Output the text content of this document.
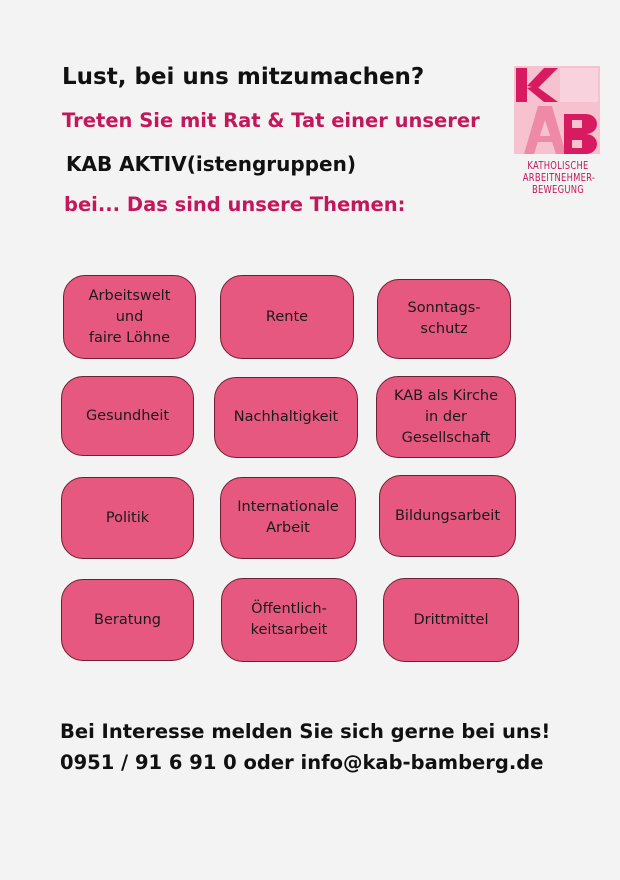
Lust, bei uns mitzumachen?

Treten Sie mit Rat & Tat einer unserer

KAB AKTIV(istengruppen)

bei... Das sind unsere Themen:

KATHOLISCHE
ARBEITNEHMER-
BEWEGUNG
Arbeitswelt
und
faire Löhne
Rente
Sonntags-
schutz
Gesundheit	Nachhaltigkeit
KAB als Kirche
in der
Gesellschaft
Politik
Internationale
Arbeit
Bildungsarbeit
Beratung
Öffentlich-
keitsarbeit
Drittmittel

Bei Interesse melden Sie sich gerne bei uns!
0951 / 91 6 91 0 oder info@kab-bamberg.de
